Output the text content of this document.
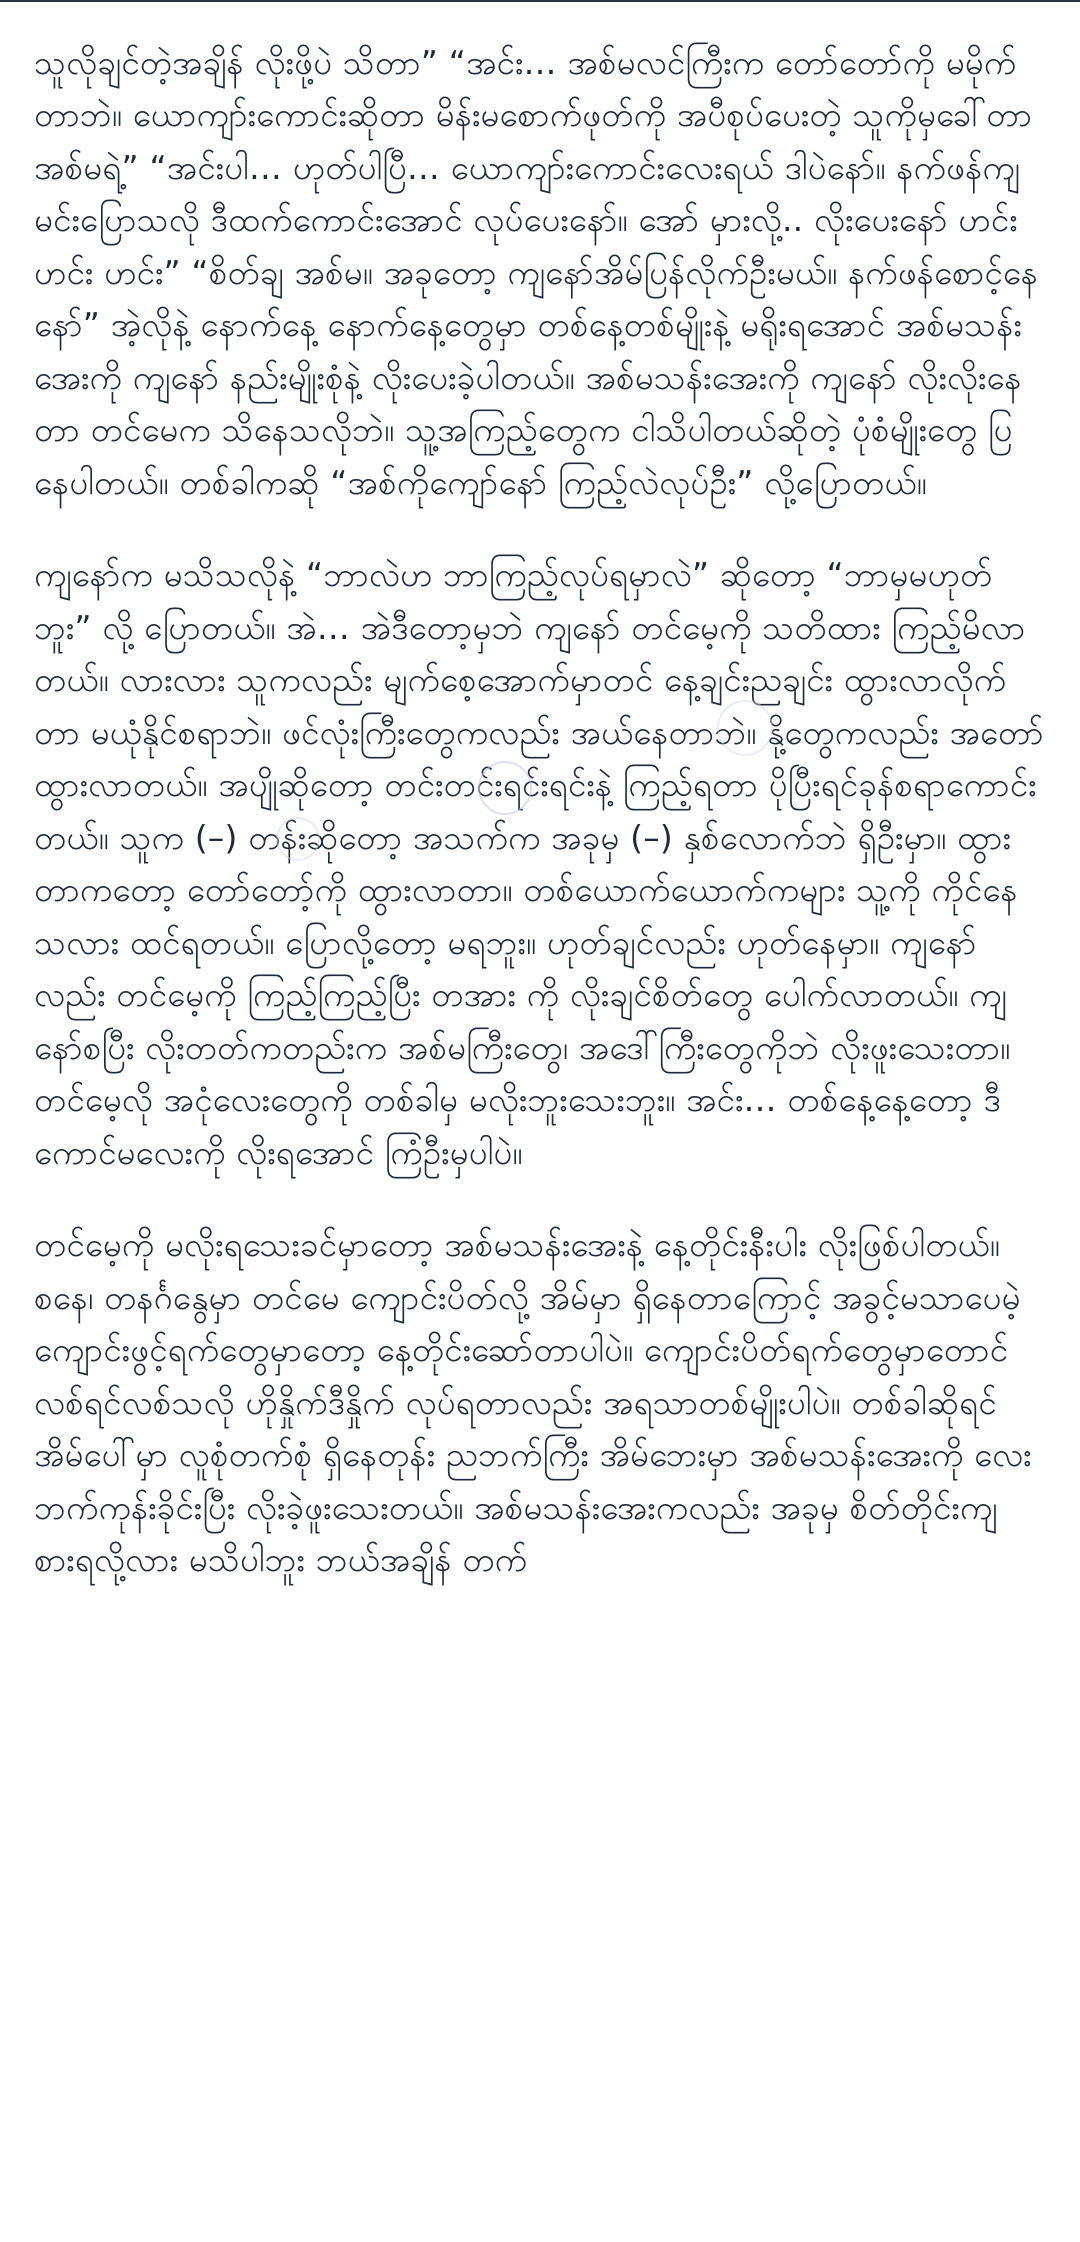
သူလိုချင်တဲ့အချိန် လိုးဖို့ပဲ သိတာ” “အင်း… အစ်မလင်ကြီးက တော်တော်ကို မမိုက်တာဘဲ။ ယောကျာ်းကောင်းဆိုတာ မိန်းမစောက်ဖုတ်ကို အပီစုပ်ပေးတဲ့ သူကိုမှခေါ်တာ အစ်မရဲ့” “အင်းပါ… ဟုတ်ပါပြီ… ယောကျာ်းကောင်းလေးရယ် ဒါပဲနော်။ နက်ဖန်ကျ မင်းပြောသလို ဒီထက်ကောင်းအောင် လုပ်ပေးနော်။ အော် မှားလို့.. လိုးပေးနော် ဟင်း ဟင်း ဟင်း” “စိတ်ချ အစ်မ။ အခုတော့ ကျနော်အိမ်ပြန်လိုက်ဦးမယ်။ နက်ဖန်စောင့်နေနော်” အဲ့လိုနဲ့ နောက်နေ့ နောက်နေ့တွေမှာ တစ်နေ့တစ်မျိုးနဲ့ မရိုးရအောင် အစ်မသန်းအေးကို ကျနော် နည်းမျိုးစုံနဲ့ လိုးပေးခဲ့ပါတယ်။ အစ်မသန်းအေးကို ကျနော် လိုးလိုးနေတာ တင်မေက သိနေသလိုဘဲ။ သူ့အကြည့်တွေက ငါသိပါတယ်ဆိုတဲ့ ပုံစံမျိုးတွေ ပြနေပါတယ်။ တစ်ခါကဆို “အစ်ကိုကျော်နော် ကြည့်လဲလုပ်ဦး” လို့ပြောတယ်။

ကျနော်က မသိသလိုနဲ့ “ဘာလဲဟ ဘာကြည့်လုပ်ရမှာလဲ” ဆိုတော့ “ဘာမှမဟုတ်ဘူး” လို့ ပြောတယ်။ အဲ… အဲဒီတော့မှဘဲ ကျနော် တင်မေ့ကို သတိထား ကြည့်မိလာတယ်။ လားလား သူကလည်း မျက်စေ့အောက်မှာတင် နေ့ချင်းညချင်း ထွားလာလိုက်တာ မယုံနိုင်စရာဘဲ။ ဖင်လုံးကြီးတွေကလည်း အယ်နေတာဘဲ။ နို့တွေကလည်း အတော် ထွားလာတယ်။ အပျိုဆိုတော့ တင်းတင်းရင်းရင်းနဲ့ ကြည့်ရတာ ပိုပြီးရင်ခုန်စရာကောင်းတယ်။ သူက (–) တန်းဆိုတော့ အသက်က အခုမှ (–) နှစ်လောက်ဘဲ ရှိဦးမှာ။ ထွားတာကတော့ တော်တော့်ကို ထွားလာတာ။ တစ်ယောက်ယောက်ကများ သူ့ကို ကိုင်နေသလား ထင်ရတယ်။ ပြောလို့တော့ မရဘူး။ ဟုတ်ချင်လည်း ဟုတ်နေမှာ။ ကျနော်လည်း တင်မေ့ကို ကြည့်ကြည့်ပြီး တအား ကို လိုးချင်စိတ်တွေ ပေါက်လာတယ်။ ကျနော်စပြီး လိုးတတ်ကတည်းက အစ်မကြီးတွေ၊ အဒေါ်ကြီးတွေကိုဘဲ လိုးဖူးသေးတာ။ တင်မေ့လို အငုံလေးတွေကို တစ်ခါမှ မလိုးဘူးသေးဘူး။ အင်း… တစ်နေ့နေ့တော့ ဒီကောင်မလေးကို လိုးရအောင် ကြံဦးမှပါပဲ။

တင်မေ့ကို မလိုးရသေးခင်မှာတော့ အစ်မသန်းအေးနဲ့ နေ့တိုင်းနီးပါး လိုးဖြစ်ပါတယ်။ စနေ၊ တနင်္ဂနွေမှာ တင်မေ ကျောင်းပိတ်လို့ အိမ်မှာ ရှိနေတာကြောင့် အခွင့်မသာပေမဲ့ ကျောင်းဖွင့်ရက်တွေမှာတော့ နေ့တိုင်းဆော်တာပါပဲ။ ကျောင်းပိတ်ရက်တွေမှာတောင် လစ်ရင်လစ်သလို ဟိုနှိုက်ဒီနှိုက် လုပ်ရတာလည်း အရသာတစ်မျိုးပါပဲ။ တစ်ခါဆိုရင် အိမ်ပေါ်မှာ လူစုံတက်စုံ ရှိနေတုန်း ညဘက်ကြီး အိမ်ဘေးမှာ အစ်မသန်းအေးကို လေးဘက်ကုန်းခိုင်းပြီး လိုးခဲ့ဖူးသေးတယ်။ အစ်မသန်းအေးကလည်း အခုမှ စိတ်တိုင်းကျ စားရလို့လား မသိပါဘူး ဘယ်အချိန် တက်
